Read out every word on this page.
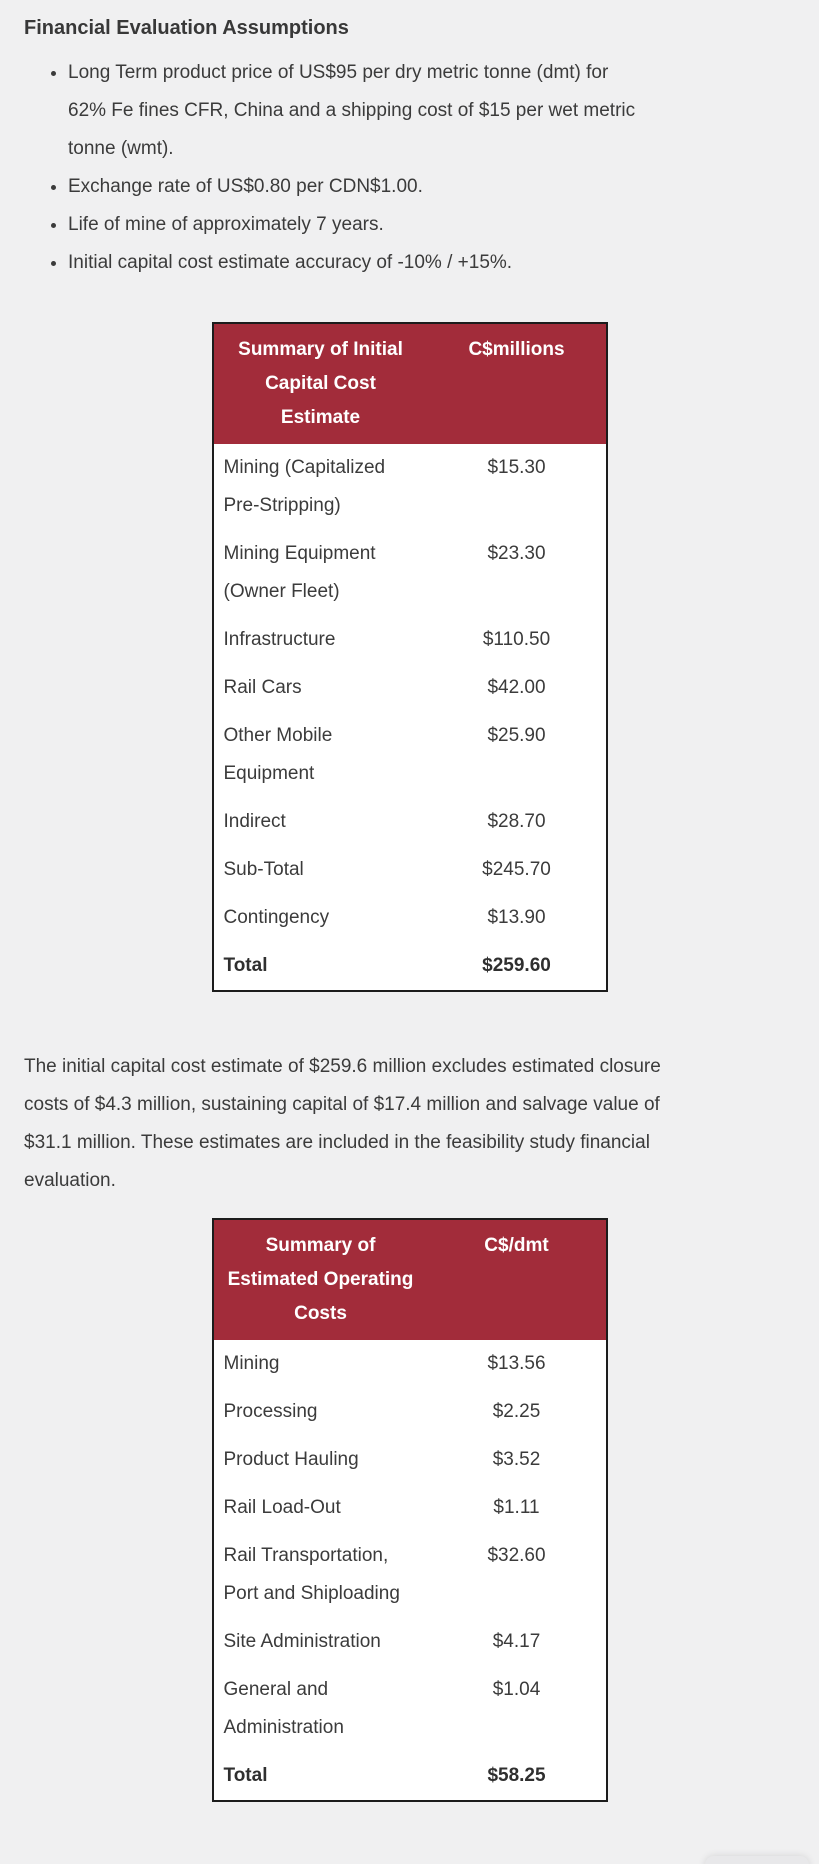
Financial Evaluation Assumptions
• Long Term product price of US$95 per dry metric tonne (dmt) for 62% Fe fines CFR, China and a shipping cost of $15 per wet metric tonne (wmt).
• Exchange rate of US$0.80 per CDN$1.00.
• Life of mine of approximately 7 years.
• Initial capital cost estimate accuracy of -10% / +15%.
Summary of Initial Capital Cost Estimate	C$millions
Mining (Capitalized Pre-Stripping)	$15.30
Mining Equipment (Owner Fleet)	$23.30
Infrastructure	$110.50
Rail Cars	$42.00
Other Mobile Equipment	$25.90
Indirect	$28.70
Sub-Total	$245.70
Contingency	$13.90
Total	$259.60

The initial capital cost estimate of $259.6 million excludes estimated closure costs of $4.3 million, sustaining capital of $17.4 million and salvage value of $31.1 million. These estimates are included in the feasibility study financial evaluation.

Summary of Estimated Operating Costs	C$/dmt
Mining	$13.56
Processing	$2.25
Product Hauling	$3.52
Rail Load-Out	$1.11
Rail Transportation, Port and Shiploading	$32.60
Site Administration	$4.17
General and Administration	$1.04
Total	$58.25
